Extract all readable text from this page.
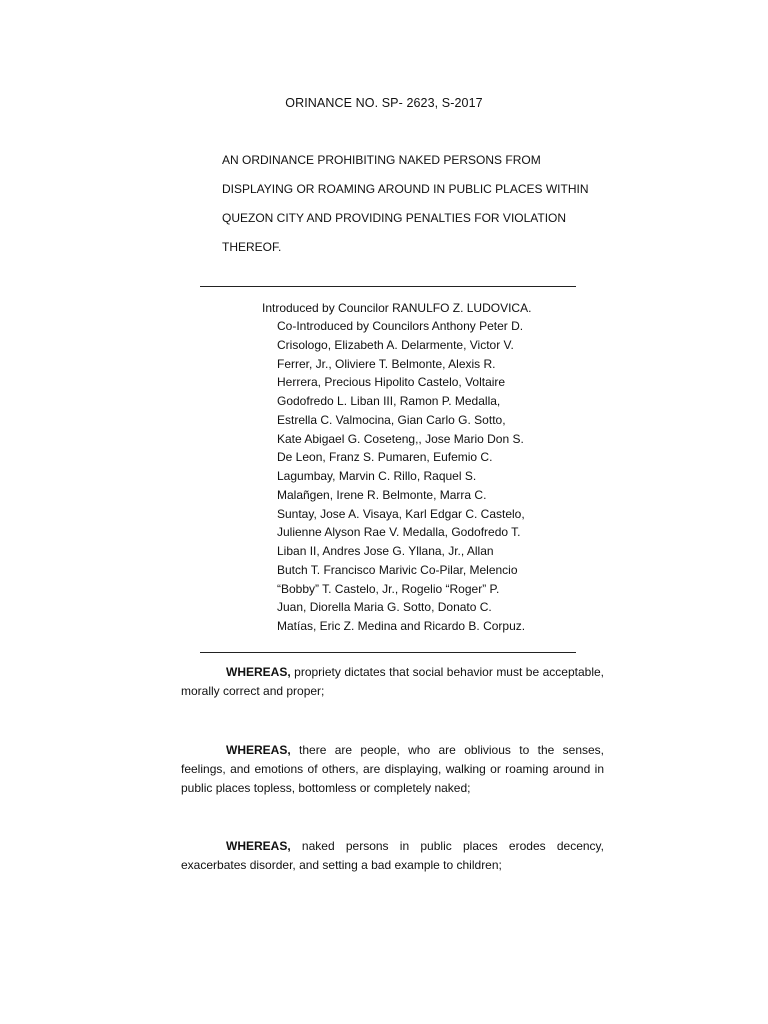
ORINANCE NO. SP- 2623, S-2017
AN ORDINANCE PROHIBITING NAKED PERSONS FROM
DISPLAYING OR ROAMING AROUND IN PUBLIC PLACES WITHIN
QUEZON CITY AND PROVIDING PENALTIES FOR VIOLATION
THEREOF.
Introduced by Councilor RANULFO Z. LUDOVICA.
Co-Introduced by Councilors Anthony Peter D.
Crisologo, Elizabeth A. Delarmente, Victor V.
Ferrer, Jr., Oliviere T. Belmonte, Alexis R.
Herrera, Precious Hipolito Castelo, Voltaire
Godofredo L. Liban III, Ramon P. Medalla,
Estrella C. Valmocina, Gian Carlo G. Sotto,
Kate Abigael G. Coseteng,, Jose Mario Don S.
De Leon, Franz S. Pumaren, Eufemio C.
Lagumbay, Marvin C. Rillo, Raquel S.
Malañgen, Irene R. Belmonte, Marra C.
Suntay, Jose A. Visaya, Karl Edgar C. Castelo,
Julienne Alyson Rae V. Medalla, Godofredo T.
Liban II, Andres Jose G. Yllana, Jr., Allan
Butch T. Francisco Marivic Co-Pilar, Melencio
“Bobby” T. Castelo, Jr., Rogelio “Roger” P.
Juan, Diorella Maria G. Sotto, Donato C.
Matías, Eric Z. Medina and Ricardo B. Corpuz.
WHEREAS, propriety dictates that social behavior must be acceptable, morally correct and proper;
WHEREAS, there are people, who are oblivious to the senses, feelings, and emotions of others, are displaying, walking or roaming around in public places topless, bottomless or completely naked;
WHEREAS, naked persons in public places erodes decency, exacerbates disorder, and setting a bad example to children;
